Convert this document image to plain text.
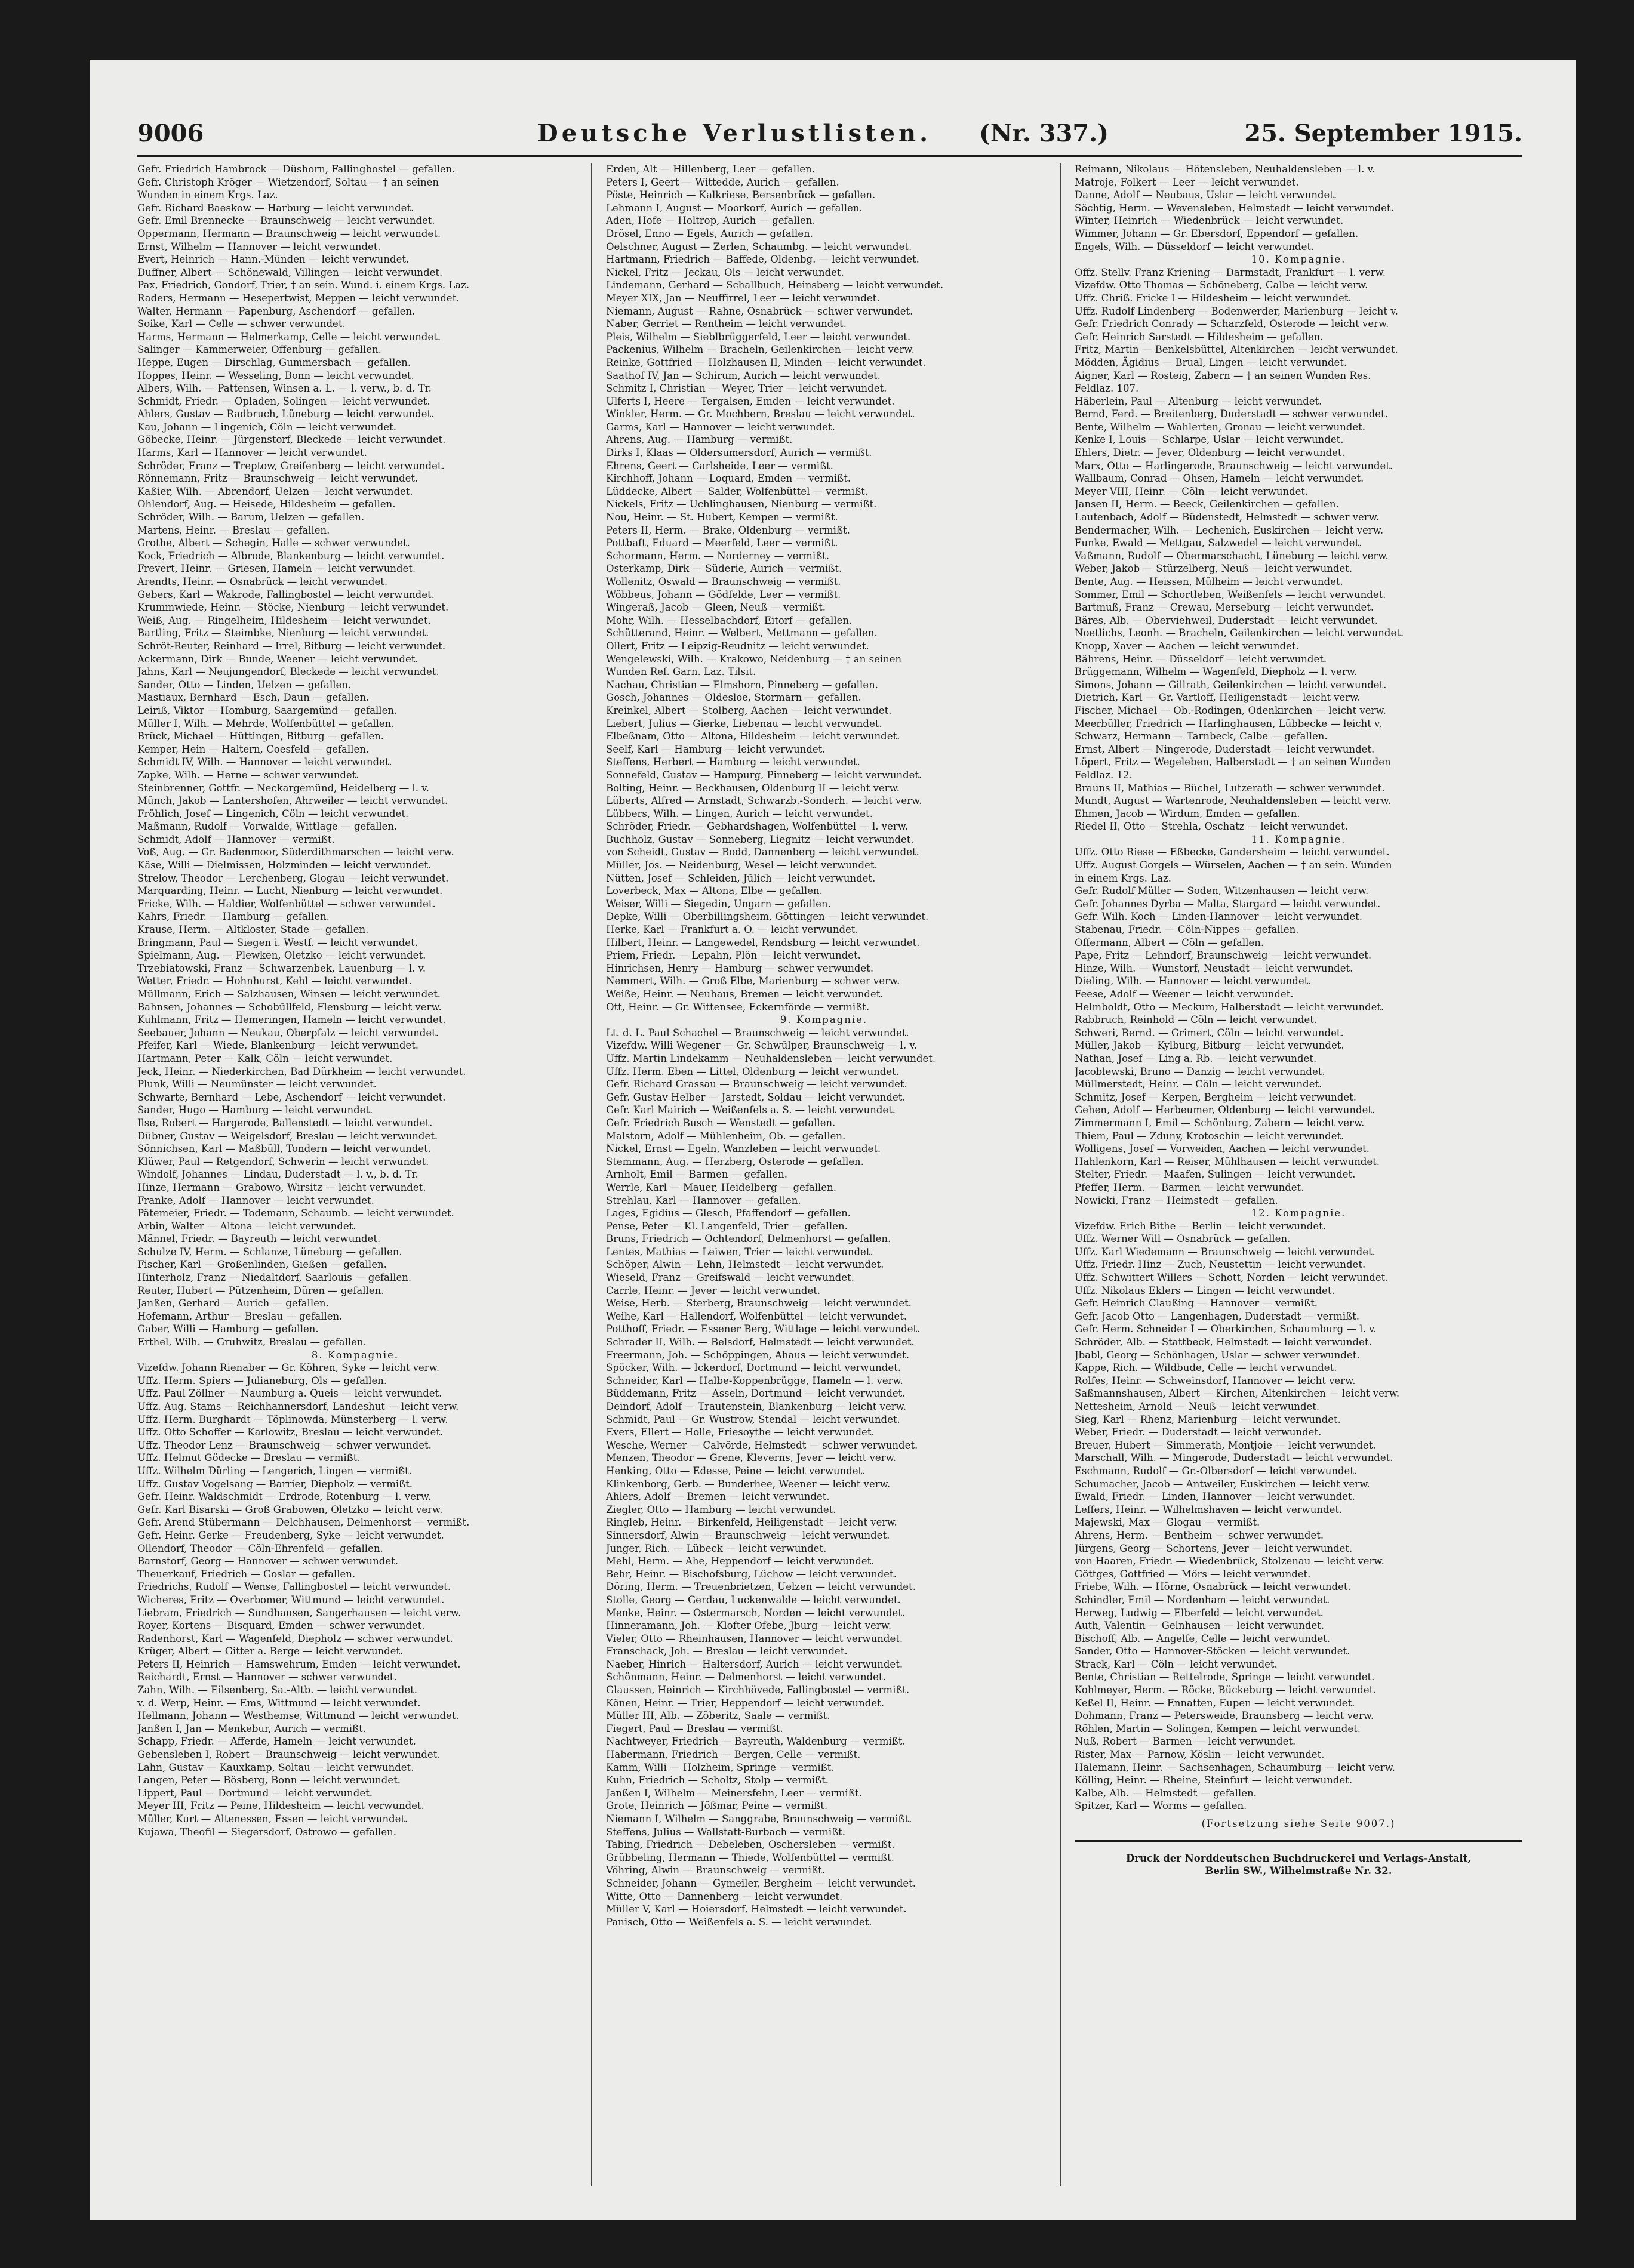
9006	Deutsche Verlustlisten. (Nr. 337.)	25. September 1915.
Gefr. Friedrich Hambrock — Düshorn, Fallingbostel — gefallen.
Gefr. Christoph Kröger — Wietzendorf, Soltau — † an seinen
Wunden in einem Krgs. Laz.
Gefr. Richard Baeskow — Harburg — leicht verwundet.
Gefr. Emil Brennecke — Braunschweig — leicht verwundet.
Oppermann, Hermann — Braunschweig — leicht verwundet.
Ernst, Wilhelm — Hannover — leicht verwundet.
Evert, Heinrich — Hann.-Münden — leicht verwundet.
Duffner, Albert — Schönewald, Villingen — leicht verwundet.
Pax, Friedrich, Gondorf, Trier, † an sein. Wund. i. einem Krgs. Laz.
Raders, Hermann — Hesepertwist, Meppen — leicht verwundet.
Walter, Hermann — Papenburg, Aschendorf — gefallen.
Soike, Karl — Celle — schwer verwundet.
Harms, Hermann — Helmerkamp, Celle — leicht verwundet.
Salinger — Kammerweier, Offenburg — gefallen.
Heppe, Eugen — Dirschlag, Gummersbach — gefallen.
Hoppes, Heinr. — Wesseling, Bonn — leicht verwundet.
Albers, Wilh. — Pattensen, Winsen a. L. — l. verw., b. d. Tr.
Schmidt, Friedr. — Opladen, Solingen — leicht verwundet.
Ahlers, Gustav — Radbruch, Lüneburg — leicht verwundet.
Kau, Johann — Lingenich, Cöln — leicht verwundet.
Göbecke, Heinr. — Jürgenstorf, Bleckede — leicht verwundet.
Harms, Karl — Hannover — leicht verwundet.
Schröder, Franz — Treptow, Greifenberg — leicht verwundet.
Rönnemann, Fritz — Braunschweig — leicht verwundet.
Kaßier, Wilh. — Abrendorf, Uelzen — leicht verwundet.
Ohlendorf, Aug. — Heisede, Hildesheim — gefallen.
Schröder, Wilh. — Barum, Uelzen — gefallen.
Martens, Heinr. — Breslau — gefallen.
Grothe, Albert — Schegin, Halle — schwer verwundet.
Kock, Friedrich — Albrode, Blankenburg — leicht verwundet.
Frevert, Heinr. — Griesen, Hameln — leicht verwundet.
Arendts, Heinr. — Osnabrück — leicht verwundet.
Gebers, Karl — Wakrode, Fallingbostel — leicht verwundet.
Krummwiede, Heinr. — Stöcke, Nienburg — leicht verwundet.
Weiß, Aug. — Ringelheim, Hildesheim — leicht verwundet.
Bartling, Fritz — Steimbke, Nienburg — leicht verwundet.
Schröt-Reuter, Reinhard — Irrel, Bitburg — leicht verwundet.
Ackermann, Dirk — Bunde, Weener — leicht verwundet.
Jahns, Karl — Neujungendorf, Bleckede — leicht verwundet.
Sander, Otto — Linden, Uelzen — gefallen.
Mastiaux, Bernhard — Esch, Daun — gefallen.
Leiriß, Viktor — Homburg, Saargemünd — gefallen.
Müller I, Wilh. — Mehrde, Wolfenbüttel — gefallen.
Brück, Michael — Hüttingen, Bitburg — gefallen.
Kemper, Hein — Haltern, Coesfeld — gefallen.
Schmidt IV, Wilh. — Hannover — leicht verwundet.
Zapke, Wilh. — Herne — schwer verwundet.
Steinbrenner, Gottfr. — Neckargemünd, Heidelberg — l. v.
Münch, Jakob — Lantershofen, Ahrweiler — leicht verwundet.
Fröhlich, Josef — Lingenich, Cöln — leicht verwundet.
Maßmann, Rudolf — Vorwalde, Wittlage — gefallen.
Schmidt, Adolf — Hannover — vermißt.
Voß, Aug. — Gr. Badenmoor, Süderdithmarschen — leicht verw.
Käse, Willi — Dielmissen, Holzminden — leicht verwundet.
Strelow, Theodor — Lerchenberg, Glogau — leicht verwundet.
Marquarding, Heinr. — Lucht, Nienburg — leicht verwundet.
Fricke, Wilh. — Haldier, Wolfenbüttel — schwer verwundet.
Kahrs, Friedr. — Hamburg — gefallen.
Krause, Herm. — Altkloster, Stade — gefallen.
Bringmann, Paul — Siegen i. Westf. — leicht verwundet.
Spielmann, Aug. — Plewken, Oletzko — leicht verwundet.
Trzebiatowski, Franz — Schwarzenbek, Lauenburg — l. v.
Wetter, Friedr. — Hohnhurst, Kehl — leicht verwundet.
Müllmann, Erich — Salzhausen, Winsen — leicht verwundet.
Bahnsen, Johannes — Schobüllfeld, Flensburg — leicht verw.
Kuhlmann, Fritz — Hemeringen, Hameln — leicht verwundet.
Seebauer, Johann — Neukau, Oberpfalz — leicht verwundet.
Pfeifer, Karl — Wiede, Blankenburg — leicht verwundet.
Hartmann, Peter — Kalk, Cöln — leicht verwundet.
Jeck, Heinr. — Niederkirchen, Bad Dürkheim — leicht verwundet.
Plunk, Willi — Neumünster — leicht verwundet.
Schwarte, Bernhard — Lebe, Aschendorf — leicht verwundet.
Sander, Hugo — Hamburg — leicht verwundet.
Ilse, Robert — Hargerode, Ballenstedt — leicht verwundet.
Dübner, Gustav — Weigelsdorf, Breslau — leicht verwundet.
Sönnichsen, Karl — Maßbüll, Tondern — leicht verwundet.
Klüwer, Paul — Retgendorf, Schwerin — leicht verwundet.
Windolf, Johannes — Lindau, Duderstadt — l. v., b. d. Tr.
Hinze, Hermann — Grabowo, Wirsitz — leicht verwundet.
Franke, Adolf — Hannover — leicht verwundet.
Pätemeier, Friedr. — Todemann, Schaumb. — leicht verwundet.
Arbin, Walter — Altona — leicht verwundet.
Männel, Friedr. — Bayreuth — leicht verwundet.
Schulze IV, Herm. — Schlanze, Lüneburg — gefallen.
Fischer, Karl — Großenlinden, Gießen — gefallen.
Hinterholz, Franz — Niedaltdorf, Saarlouis — gefallen.
Reuter, Hubert — Pützenheim, Düren — gefallen.
Janßen, Gerhard — Aurich — gefallen.
Hofemann, Arthur — Breslau — gefallen.
Gaber, Willi — Hamburg — gefallen.
Erthel, Wilh. — Gruhwitz, Breslau — gefallen.
8. Kompagnie.
Vizefdw. Johann Rienaber — Gr. Köhren, Syke — leicht verw.
Uffz. Herm. Spiers — Julianeburg, Ols — gefallen.
Uffz. Paul Zöllner — Naumburg a. Queis — leicht verwundet.
Uffz. Aug. Stams — Reichhannersdorf, Landeshut — leicht verw.
Uffz. Herm. Burghardt — Töplinowda, Münsterberg — l. verw.
Uffz. Otto Schoffer — Karlowitz, Breslau — leicht verwundet.
Uffz. Theodor Lenz — Braunschweig — schwer verwundet.
Uffz. Helmut Gödecke — Breslau — vermißt.
Uffz. Wilhelm Dürling — Lengerich, Lingen — vermißt.
Uffz. Gustav Vogelsang — Barrier, Diepholz — vermißt.
Gefr. Heinr. Waldschmidt — Erdrode, Rotenburg — l. verw.
Gefr. Karl Bisarski — Groß Grabowen, Oletzko — leicht verw.
Gefr. Arend Stübermann — Delchhausen, Delmenhorst — vermißt.
Gefr. Heinr. Gerke — Freudenberg, Syke — leicht verwundet.
Ollendorf, Theodor — Cöln-Ehrenfeld — gefallen.
Barnstorf, Georg — Hannover — schwer verwundet.
Theuerkauf, Friedrich — Goslar — gefallen.
Friedrichs, Rudolf — Wense, Fallingbostel — leicht verwundet.
Wicheres, Fritz — Overbomer, Wittmund — leicht verwundet.
Liebram, Friedrich — Sundhausen, Sangerhausen — leicht verw.
Royer, Kortens — Bisquard, Emden — schwer verwundet.
Radenhorst, Karl — Wagenfeld, Diepholz — schwer verwundet.
Krüger, Albert — Gitter a. Berge — leicht verwundet.
Peters II, Heinrich — Hamswehrum, Emden — leicht verwundet.
Reichardt, Ernst — Hannover — schwer verwundet.
Zahn, Wilh. — Eilsenberg, Sa.-Altb. — leicht verwundet.
v. d. Werp, Heinr. — Ems, Wittmund — leicht verwundet.
Hellmann, Johann — Westhemse, Wittmund — leicht verwundet.
Janßen I, Jan — Menkebur, Aurich — vermißt.
Schapp, Friedr. — Afferde, Hameln — leicht verwundet.
Gebensleben I, Robert — Braunschweig — leicht verwundet.
Lahn, Gustav — Kauxkamp, Soltau — leicht verwundet.
Langen, Peter — Bösberg, Bonn — leicht verwundet.
Lippert, Paul — Dortmund — leicht verwundet.
Meyer III, Fritz — Peine, Hildesheim — leicht verwundet.
Müller, Kurt — Altenessen, Essen — leicht verwundet.
Kujawa, Theofil — Siegersdorf, Ostrowo — gefallen.
Erden, Alt — Hillenberg, Leer — gefallen.
Peters I, Geert — Wittedde, Aurich — gefallen.
Pöste, Heinrich — Kalkriese, Bersenbrück — gefallen.
Lehmann I, August — Moorkorf, Aurich — gefallen.
Aden, Hofe — Holtrop, Aurich — gefallen.
Drösel, Enno — Egels, Aurich — gefallen.
Oelschner, August — Zerlen, Schaumbg. — leicht verwundet.
Hartmann, Friedrich — Baffede, Oldenbg. — leicht verwundet.
Nickel, Fritz — Jeckau, Ols — leicht verwundet.
Lindemann, Gerhard — Schallbuch, Heinsberg — leicht verwundet.
Meyer XIX, Jan — Neuffirrel, Leer — leicht verwundet.
Niemann, August — Rahne, Osnabrück — schwer verwundet.
Naber, Gerriet — Rentheim — leicht verwundet.
Pleis, Wilhelm — Sieblbrüggerfeld, Leer — leicht verwundet.
Packenius, Wilhelm — Bracheln, Geilenkirchen — leicht verw.
Reinke, Gottfried — Holzhausen II, Minden — leicht verwundet.
Saathof IV, Jan — Schirum, Aurich — leicht verwundet.
Schmitz I, Christian — Weyer, Trier — leicht verwundet.
Ulferts I, Heere — Tergalsen, Emden — leicht verwundet.
Winkler, Herm. — Gr. Mochbern, Breslau — leicht verwundet.
Garms, Karl — Hannover — leicht verwundet.
Ahrens, Aug. — Hamburg — vermißt.
Dirks I, Klaas — Oldersumersdorf, Aurich — vermißt.
Ehrens, Geert — Carlsheide, Leer — vermißt.
Kirchhoff, Johann — Loquard, Emden — vermißt.
Lüddecke, Albert — Salder, Wolfenbüttel — vermißt.
Nickels, Fritz — Uchlinghausen, Nienburg — vermißt.
Nou, Heinr. — St. Hubert, Kempen — vermißt.
Peters II, Herm. — Brake, Oldenburg — vermißt.
Pottbaft, Eduard — Meerfeld, Leer — vermißt.
Schormann, Herm. — Norderney — vermißt.
Osterkamp, Dirk — Süderie, Aurich — vermißt.
Wollenitz, Oswald — Braunschweig — vermißt.
Wöbbeus, Johann — Gödfelde, Leer — vermißt.
Wingeraß, Jacob — Gleen, Neuß — vermißt.
Mohr, Wilh. — Hesselbachdorf, Eitorf — gefallen.
Schütterand, Heinr. — Welbert, Mettmann — gefallen.
Ollert, Fritz — Leipzig-Reudnitz — leicht verwundet.
Wengelewski, Wilh. — Krakowo, Neidenburg — † an seinen
Wunden Ref. Garn. Laz. Tilsit.
Nachau, Christian — Elmshorn, Pinneberg — gefallen.
Gosch, Johannes — Oldesloe, Stormarn — gefallen.
Kreinkel, Albert — Stolberg, Aachen — leicht verwundet.
Liebert, Julius — Gierke, Liebenau — leicht verwundet.
Elbeßnam, Otto — Altona, Hildesheim — leicht verwundet.
Seelf, Karl — Hamburg — leicht verwundet.
Steffens, Herbert — Hamburg — leicht verwundet.
Sonnefeld, Gustav — Hampurg, Pinneberg — leicht verwundet.
Bolting, Heinr. — Beckhausen, Oldenburg II — leicht verw.
Lüberts, Alfred — Arnstadt, Schwarzb.-Sonderh. — leicht verw.
Lübbers, Wilh. — Lingen, Aurich — leicht verwundet.
Schröder, Friedr. — Gebhardshagen, Wolfenbüttel — l. verw.
Buchholz, Gustav — Sonneberg, Liegnitz — leicht verwundet.
von Scheidt, Gustav — Bodd, Dannenberg — leicht verwundet.
Müller, Jos. — Neidenburg, Wesel — leicht verwundet.
Nütten, Josef — Schleiden, Jülich — leicht verwundet.
Loverbeck, Max — Altona, Elbe — gefallen.
Weiser, Willi — Siegedin, Ungarn — gefallen.
Depke, Willi — Oberbillingsheim, Göttingen — leicht verwundet.
Herke, Karl — Frankfurt a. O. — leicht verwundet.
Hilbert, Heinr. — Langewedel, Rendsburg — leicht verwundet.
Priem, Friedr. — Lepahn, Plön — leicht verwundet.
Hinrichsen, Henry — Hamburg — schwer verwundet.
Nemmert, Wilh. — Groß Elbe, Marienburg — schwer verw.
Weiße, Heinr. — Neuhaus, Bremen — leicht verwundet.
Ott, Heinr. — Gr. Wittensee, Eckernförde — vermißt.
9. Kompagnie.
Lt. d. L. Paul Schachel — Braunschweig — leicht verwundet.
Vizefdw. Willi Wegener — Gr. Schwülper, Braunschweig — l. v.
Uffz. Martin Lindekamm — Neuhaldensleben — leicht verwundet.
Uffz. Herm. Eben — Littel, Oldenburg — leicht verwundet.
Gefr. Richard Grassau — Braunschweig — leicht verwundet.
Gefr. Gustav Helber — Jarstedt, Soldau — leicht verwundet.
Gefr. Karl Mairich — Weißenfels a. S. — leicht verwundet.
Gefr. Friedrich Busch — Wenstedt — gefallen.
Malstorn, Adolf — Mühlenheim, Ob. — gefallen.
Nickel, Ernst — Egeln, Wanzleben — leicht verwundet.
Stemmann, Aug. — Herzberg, Osterode — gefallen.
Arnholt, Emil — Barmen — gefallen.
Werrle, Karl — Mauer, Heidelberg — gefallen.
Strehlau, Karl — Hannover — gefallen.
Lages, Egidius — Glesch, Pfaffendorf — gefallen.
Pense, Peter — Kl. Langenfeld, Trier — gefallen.
Bruns, Friedrich — Ochtendorf, Delmenhorst — gefallen.
Lentes, Mathias — Leiwen, Trier — leicht verwundet.
Schöper, Alwin — Lehn, Helmstedt — leicht verwundet.
Wieseld, Franz — Greifswald — leicht verwundet.
Carrle, Heinr. — Jever — leicht verwundet.
Weise, Herb. — Sterberg, Braunschweig — leicht verwundet.
Weihe, Karl — Hallendorf, Wolfenbüttel — leicht verwundet.
Potthoff, Friedr. — Essener Berg, Wittlage — leicht verwundet.
Schrader II, Wilh. — Belsdorf, Helmstedt — leicht verwundet.
Freermann, Joh. — Schöppingen, Ahaus — leicht verwundet.
Spöcker, Wilh. — Ickerdorf, Dortmund — leicht verwundet.
Schneider, Karl — Halbe-Koppenbrügge, Hameln — l. verw.
Büddemann, Fritz — Asseln, Dortmund — leicht verwundet.
Deindorf, Adolf — Trautenstein, Blankenburg — leicht verw.
Schmidt, Paul — Gr. Wustrow, Stendal — leicht verwundet.
Evers, Ellert — Holle, Friesoythe — leicht verwundet.
Wesche, Werner — Calvörde, Helmstedt — schwer verwundet.
Menzen, Theodor — Grene, Kleverns, Jever — leicht verw.
Henking, Otto — Edesse, Peine — leicht verwundet.
Klinkenborg, Gerb. — Bunderhee, Weener — leicht verw.
Ahlers, Adolf — Bremen — leicht verwundet.
Ziegler, Otto — Hamburg — leicht verwundet.
Ringleb, Heinr. — Birkenfeld, Heiligenstadt — leicht verw.
Sinnersdorf, Alwin — Braunschweig — leicht verwundet.
Junger, Rich. — Lübeck — leicht verwundet.
Mehl, Herm. — Ahe, Heppendorf — leicht verwundet.
Behr, Heinr. — Bischofsburg, Lüchow — leicht verwundet.
Döring, Herm. — Treuenbrietzen, Uelzen — leicht verwundet.
Stolle, Georg — Gerdau, Luckenwalde — leicht verwundet.
Menke, Heinr. — Ostermarsch, Norden — leicht verwundet.
Hinneramann, Joh. — Klofter Ofebe, Jburg — leicht verw.
Vieler, Otto — Rheinhausen, Hannover — leicht verwundet.
Franschack, Joh. — Breslau — leicht verwundet.
Naeber, Hinrich — Haltersdorf, Aurich — leicht verwundet.
Schönmann, Heinr. — Delmenhorst — leicht verwundet.
Glaussen, Heinrich — Kirchhövede, Fallingbostel — vermißt.
Könen, Heinr. — Trier, Heppendorf — leicht verwundet.
Müller III, Alb. — Zöberitz, Saale — vermißt.
Fiegert, Paul — Breslau — vermißt.
Nachtweyer, Friedrich — Bayreuth, Waldenburg — vermißt.
Habermann, Friedrich — Bergen, Celle — vermißt.
Kamm, Willi — Holzheim, Springe — vermißt.
Kuhn, Friedrich — Scholtz, Stolp — vermißt.
Janßen I, Wilhelm — Meinersfehn, Leer — vermißt.
Grote, Heinrich — Jößmar, Peine — vermißt.
Niemann I, Wilhelm — Sanggrabe, Braunschweig — vermißt.
Steffens, Julius — Wallstatt-Burbach — vermißt.
Tabing, Friedrich — Debeleben, Oschersleben — vermißt.
Grübbeling, Hermann — Thiede, Wolfenbüttel — vermißt.
Vöhring, Alwin — Braunschweig — vermißt.
Schneider, Johann — Gymeiler, Bergheim — leicht verwundet.
Witte, Otto — Dannenberg — leicht verwundet.
Müller V, Karl — Hoiersdorf, Helmstedt — leicht verwundet.
Panisch, Otto — Weißenfels a. S. — leicht verwundet.
Reimann, Nikolaus — Hötensleben, Neuhaldensleben — l. v.
Matroje, Folkert — Leer — leicht verwundet.
Danne, Adolf — Neubaus, Uslar — leicht verwundet.
Söchtig, Herm. — Wevensleben, Helmstedt — leicht verwundet.
Winter, Heinrich — Wiedenbrück — leicht verwundet.
Wimmer, Johann — Gr. Ebersdorf, Eppendorf — gefallen.
Engels, Wilh. — Düsseldorf — leicht verwundet.
10. Kompagnie.
Offz. Stellv. Franz Kriening — Darmstadt, Frankfurt — l. verw.
Vizefdw. Otto Thomas — Schöneberg, Calbe — leicht verw.
Uffz. Chriß. Fricke I — Hildesheim — leicht verwundet.
Uffz. Rudolf Lindenberg — Bodenwerder, Marienburg — leicht v.
Gefr. Friedrich Conrady — Scharzfeld, Osterode — leicht verw.
Gefr. Heinrich Sarstedt — Hildesheim — gefallen.
Fritz, Martin — Benkelsbüttel, Altenkirchen — leicht verwundet.
Mödden, Ägidius — Brual, Lingen — leicht verwundet.
Aigner, Karl — Rosteig, Zabern — † an seinen Wunden Res.
Feldlaz. 107.
Häberlein, Paul — Altenburg — leicht verwundet.
Bernd, Ferd. — Breitenberg, Duderstadt — schwer verwundet.
Bente, Wilhelm — Wahlerten, Gronau — leicht verwundet.
Kenke I, Louis — Schlarpe, Uslar — leicht verwundet.
Ehlers, Dietr. — Jever, Oldenburg — leicht verwundet.
Marx, Otto — Harlingerode, Braunschweig — leicht verwundet.
Wallbaum, Conrad — Ohsen, Hameln — leicht verwundet.
Meyer VIII, Heinr. — Cöln — leicht verwundet.
Jansen II, Herm. — Beeck, Geilenkirchen — gefallen.
Lautenbach, Adolf — Büdenstedt, Helmstedt — schwer verw.
Bendermacher, Wilh. — Lechenich, Euskirchen — leicht verw.
Funke, Ewald — Mettgau, Salzwedel — leicht verwundet.
Vaßmann, Rudolf — Obermarschacht, Lüneburg — leicht verw.
Weber, Jakob — Stürzelberg, Neuß — leicht verwundet.
Bente, Aug. — Heissen, Mülheim — leicht verwundet.
Sommer, Emil — Schortleben, Weißenfels — leicht verwundet.
Bartmuß, Franz — Crewau, Merseburg — leicht verwundet.
Bäres, Alb. — Oberviehweil, Duderstadt — leicht verwundet.
Noetlichs, Leonh. — Bracheln, Geilenkirchen — leicht verwundet.
Knopp, Xaver — Aachen — leicht verwundet.
Bährens, Heinr. — Düsseldorf — leicht verwundet.
Brüggemann, Wilhelm — Wagenfeld, Diepholz — l. verw.
Simons, Johann — Gillrath, Geilenkirchen — leicht verwundet.
Dietrich, Karl — Gr. Vartloff, Heiligenstadt — leicht verw.
Fischer, Michael — Ob.-Rodingen, Odenkirchen — leicht verw.
Meerbüller, Friedrich — Harlinghausen, Lübbecke — leicht v.
Schwarz, Hermann — Tarnbeck, Calbe — gefallen.
Ernst, Albert — Ningerode, Duderstadt — leicht verwundet.
Löpert, Fritz — Wegeleben, Halberstadt — † an seinen Wunden
Feldlaz. 12.
Brauns II, Mathias — Büchel, Lutzerath — schwer verwundet.
Mundt, August — Wartenrode, Neuhaldensleben — leicht verw.
Ehmen, Jacob — Wirdum, Emden — gefallen.
Riedel II, Otto — Strehla, Oschatz — leicht verwundet.
11. Kompagnie.
Uffz. Otto Riese — Eßbecke, Gandersheim — leicht verwundet.
Uffz. August Gorgels — Würselen, Aachen — † an sein. Wunden
in einem Krgs. Laz.
Gefr. Rudolf Müller — Soden, Witzenhausen — leicht verw.
Gefr. Johannes Dyrba — Malta, Stargard — leicht verwundet.
Gefr. Wilh. Koch — Linden-Hannover — leicht verwundet.
Stabenau, Friedr. — Cöln-Nippes — gefallen.
Offermann, Albert — Cöln — gefallen.
Pape, Fritz — Lehndorf, Braunschweig — leicht verwundet.
Hinze, Wilh. — Wunstorf, Neustadt — leicht verwundet.
Dieling, Wilh. — Hannover — leicht verwundet.
Feese, Adolf — Weener — leicht verwundet.
Helmboldt, Otto — Meckum, Halberstadt — leicht verwundet.
Rabbruch, Reinhold — Cöln — leicht verwundet.
Schweri, Bernd. — Grimert, Cöln — leicht verwundet.
Müller, Jakob — Kylburg, Bitburg — leicht verwundet.
Nathan, Josef — Ling a. Rb. — leicht verwundet.
Jacoblewski, Bruno — Danzig — leicht verwundet.
Müllmerstedt, Heinr. — Cöln — leicht verwundet.
Schmitz, Josef — Kerpen, Bergheim — leicht verwundet.
Gehen, Adolf — Herbeumer, Oldenburg — leicht verwundet.
Zimmermann I, Emil — Schönburg, Zabern — leicht verw.
Thiem, Paul — Zduny, Krotoschin — leicht verwundet.
Wolligens, Josef — Vorweiden, Aachen — leicht verwundet.
Hahlenkorn, Karl — Reiser, Mühlhausen — leicht verwundet.
Stelter, Friedr. — Maafen, Sulingen — leicht verwundet.
Pfeffer, Herm. — Barmen — leicht verwundet.
Nowicki, Franz — Heimstedt — gefallen.
12. Kompagnie.
Vizefdw. Erich Bithe — Berlin — leicht verwundet.
Uffz. Werner Will — Osnabrück — gefallen.
Uffz. Karl Wiedemann — Braunschweig — leicht verwundet.
Uffz. Friedr. Hinz — Zuch, Neustettin — leicht verwundet.
Uffz. Schwittert Willers — Schott, Norden — leicht verwundet.
Uffz. Nikolaus Eklers — Lingen — leicht verwundet.
Gefr. Heinrich Claußing — Hannover — vermißt.
Gefr. Jacob Otto — Langenhagen, Duderstadt — vermißt.
Gefr. Herm. Schneider I — Oberkirchen, Schaumburg — l. v.
Schröder, Alb. — Stattbeck, Helmstedt — leicht verwundet.
Jbabl, Georg — Schönhagen, Uslar — schwer verwundet.
Kappe, Rich. — Wildbude, Celle — leicht verwundet.
Rolfes, Heinr. — Schweinsdorf, Hannover — leicht verw.
Saßmannshausen, Albert — Kirchen, Altenkirchen — leicht verw.
Nettesheim, Arnold — Neuß — leicht verwundet.
Sieg, Karl — Rhenz, Marienburg — leicht verwundet.
Weber, Friedr. — Duderstadt — leicht verwundet.
Breuer, Hubert — Simmerath, Montjoie — leicht verwundet.
Marschall, Wilh. — Mingerode, Duderstadt — leicht verwundet.
Eschmann, Rudolf — Gr.-Olbersdorf — leicht verwundet.
Schumacher, Jacob — Antweiler, Euskirchen — leicht verw.
Ewald, Friedr. — Linden, Hannover — leicht verwundet.
Leffers, Heinr. — Wilhelmshaven — leicht verwundet.
Majewski, Max — Glogau — vermißt.
Ahrens, Herm. — Bentheim — schwer verwundet.
Jürgens, Georg — Schortens, Jever — leicht verwundet.
von Haaren, Friedr. — Wiedenbrück, Stolzenau — leicht verw.
Göttges, Gottfried — Mörs — leicht verwundet.
Friebe, Wilh. — Hörne, Osnabrück — leicht verwundet.
Schindler, Emil — Nordenham — leicht verwundet.
Herweg, Ludwig — Elberfeld — leicht verwundet.
Auth, Valentin — Gelnhausen — leicht verwundet.
Bischoff, Alb. — Angelfe, Celle — leicht verwundet.
Sander, Otto — Hannover-Stöcken — leicht verwundet.
Strack, Karl — Cöln — leicht verwundet.
Bente, Christian — Rettelrode, Springe — leicht verwundet.
Kohlmeyer, Herm. — Röcke, Bückeburg — leicht verwundet.
Keßel II, Heinr. — Ennatten, Eupen — leicht verwundet.
Dohmann, Franz — Petersweide, Braunsberg — leicht verw.
Röhlen, Martin — Solingen, Kempen — leicht verwundet.
Nuß, Robert — Barmen — leicht verwundet.
Rister, Max — Parnow, Köslin — leicht verwundet.
Halemann, Heinr. — Sachsenhagen, Schaumburg — leicht verw.
Kölling, Heinr. — Rheine, Steinfurt — leicht verwundet.
Kalbe, Alb. — Helmstedt — gefallen.
Spitzer, Karl — Worms — gefallen.
(Fortsetzung siehe Seite 9007.)
Druck der Norddeutschen Buchdruckerei und Verlags-Anstalt,
Berlin SW., Wilhelmstraße Nr. 32.
